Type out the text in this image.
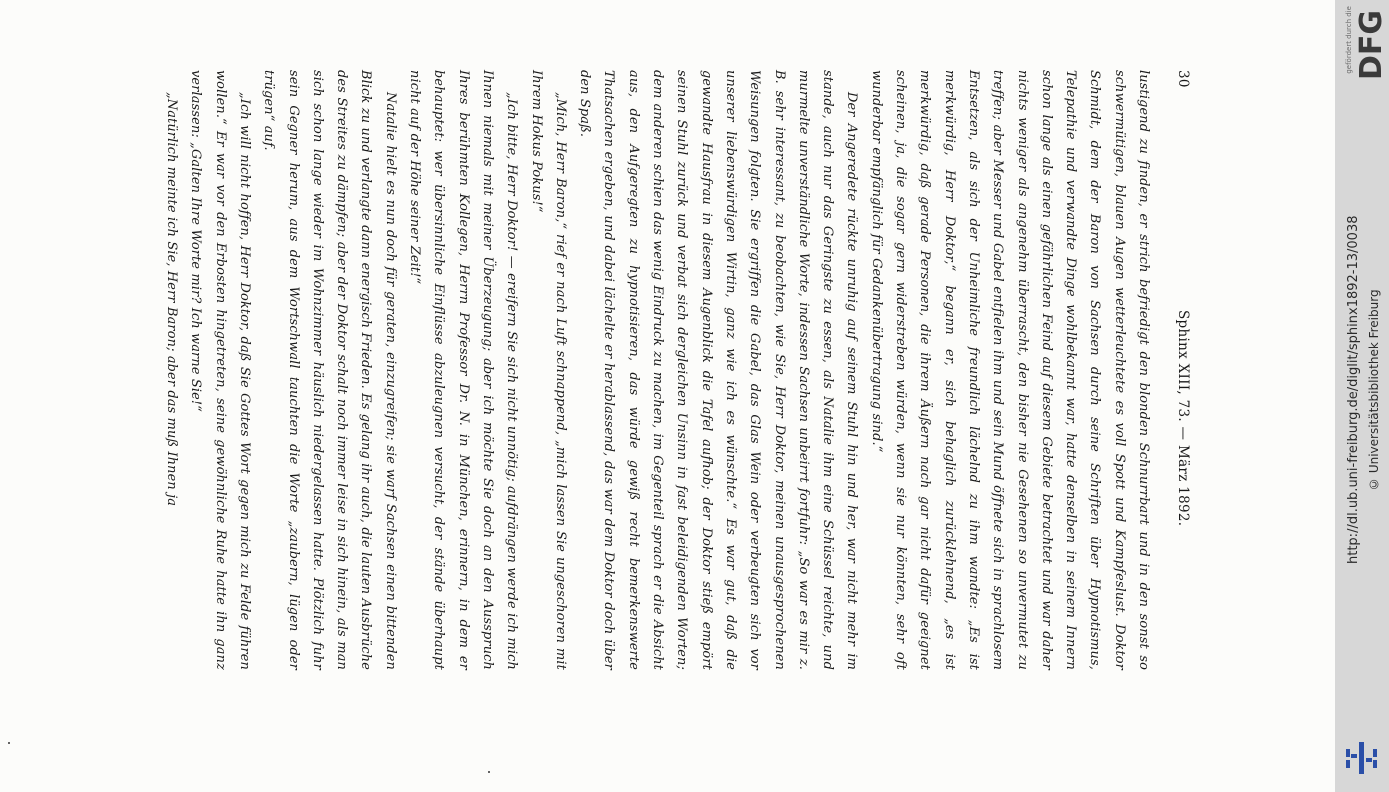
30
Sphinx XIII, 73. — März 1892.

lustigend zu finden, er strich befriedigt den blonden Schnurrbart und in den sonst so schwermütigen, blauen Augen wetterleuchtete es voll Spott und Kampfeslust. Doktor Schmidt, dem der Baron von Sachsen durch seine Schriften über Hypnotismus, Telepathie und verwandte Dinge wohlbekannt war, hatte denselben in seinem Innern schon lange als einen gefährlichen Feind auf diesem Gebiete betrachtet und war daher nichts weniger als angenehm überrascht, den bisher nie Gesehenen so unvermutet zu treffen; aber Messer und Gabel entfielen ihm und sein Mund öffnete sich in sprachlosem Entsetzen, als sich der Unheimliche freundlich lächelnd zu ihm wandte: „Es ist merkwürdig, Herr Doktor,“ begann er, sich behaglich zurücklehnend, „es ist merkwürdig, daß gerade Personen, die ihrem Äußern nach gar nicht dafür geeignet scheinen, ja, die sogar gern widerstreben würden, wenn sie nur könnten, sehr oft wunderbar empfänglich für Gedankenübertragung sind.“

Der Angeredete rückte unruhig auf seinem Stuhl hin und her, war nicht mehr im stande, auch nur das Geringste zu essen, als Natalie ihm eine Schüssel reichte, und murmelte unverständliche Worte, indessen Sachsen unbeirrt fortfuhr: „So war es mir z. B. sehr interessant, zu beobachten, wie Sie, Herr Doktor, meinen unausgesprochenen Weisungen folgten. Sie ergriffen die Gabel, das Glas Wein oder verbeugten sich vor unserer liebenswürdigen Wirtin, ganz wie ich es wünschte.“ Es war gut, daß die gewandte Hausfrau in diesem Augenblick die Tafel aufhob; der Doktor stieß empört seinen Stuhl zurück und verbat sich dergleichen Unsinn in fast beleidigenden Worten; dem anderen schien das wenig Eindruck zu machen, im Gegenteil sprach er die Absicht aus, den Aufgeregten zu hypnotisieren, das würde gewiß recht bemerkenswerte Thatsachen ergeben, und dabei lächelte er herablassend, das war dem Doktor doch über den Spaß.

„Mich, Herr Baron,“ rief er nach Luft schnappend, „mich lassen Sie ungeschoren mit Ihrem Hokus Pokus!“

„Ich bitte, Herr Doktor! — ereifern Sie sich nicht unnötig; aufdrängen werde ich mich Ihnen niemals mit meiner Überzeugung; aber ich möchte Sie doch an den Ausspruch Ihres berühmten Kollegen, Herrn Professor Dr. N. in München, erinnern, in dem er behauptet: wer übersinnliche Einflüsse abzuleugnen versucht, der stände überhaupt nicht auf der Höhe seiner Zeit!“

Natalie hielt es nun doch für geraten, einzugreifen; sie warf Sachsen einen bittenden Blick zu und verlangte dann energisch Frieden. Es gelang ihr auch, die lauten Ausbrüche des Streites zu dämpfen; aber der Doktor schalt noch immer leise in sich hinein, als man sich schon lange wieder im Wohnzimmer häuslich niedergelassen hatte. Plötzlich fuhr sein Gegner herum, aus dem Wortschwall tauchten die Worte „zaubern, lügen oder trügen“ auf.

„Ich will nicht hoffen, Herr Doktor, daß Sie Gottes Wort gegen mich zu Felde führen wollen.“ Er war vor den Erbosten hingetreten, seine gewöhnliche Ruhe hatte ihn ganz verlassen: „Galten Ihre Worte mir? Ich warne Sie!“

„Natürlich meinte ich Sie, Herr Baron; aber das muß Ihnen ja

gefördert durch die DFG
http://dl.ub.uni-freiburg.de/diglit/sphinx1892-13/0038 © Universitätsbibliothek Freiburg
